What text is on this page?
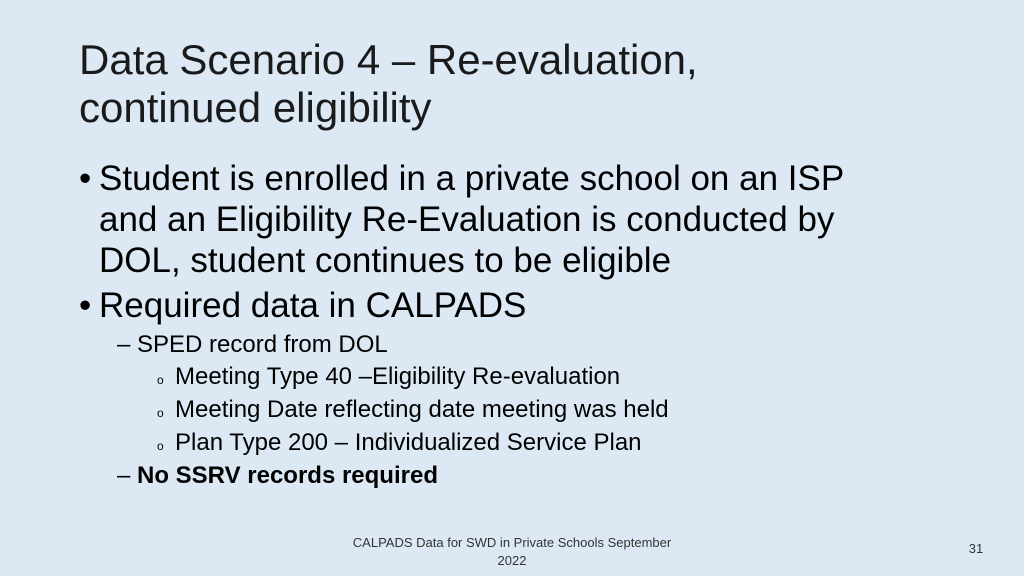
Data Scenario 4 – Re-evaluation,
continued eligibility
• Student is enrolled in a private school on an ISP
and an Eligibility Re-Evaluation is conducted by
DOL, student continues to be eligible
• Required data in CALPADS
– SPED record from DOL
o Meeting Type 40 –Eligibility Re-evaluation
o Meeting Date reflecting date meeting was held
o Plan Type 200 – Individualized Service Plan
– No SSRV records required
CALPADS Data for SWD in Private Schools September
2022
31
